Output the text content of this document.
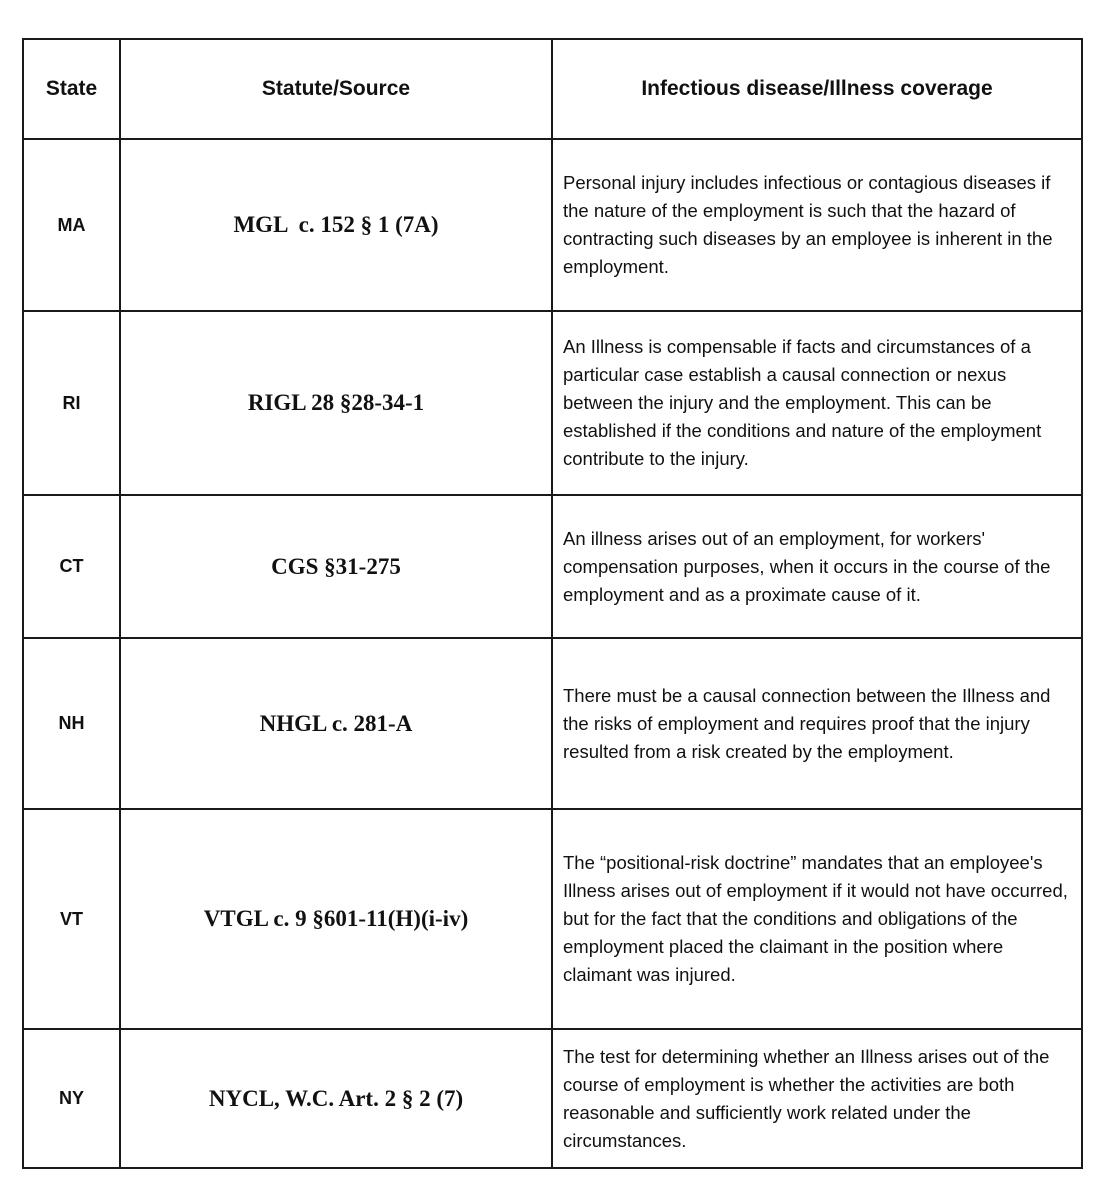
State	Statute/Source	Infectious disease/Illness coverage
MA	MGL  c. 152 § 1 (7A)	Personal injury includes infectious or contagious diseases if the nature of the employment is such that the hazard of contracting such diseases by an employee is inherent in the employment.
RI	RIGL 28 §28-34-1	An Illness is compensable if facts and circumstances of a particular case establish a causal connection or nexus between the injury and the employment. This can be established if the conditions and nature of the employment contribute to the injury.
CT	CGS §31-275	An illness arises out of an employment, for workers' compensation purposes, when it occurs in the course of the employment and as a proximate cause of it.
NH	NHGL c. 281-A	There must be a causal connection between the Illness and the risks of employment and requires proof that the injury resulted from a risk created by the employment.
VT	VTGL c. 9 §601-11(H)(i-iv)	The “positional-risk doctrine” mandates that an employee's Illness arises out of employment if it would not have occurred, but for the fact that the conditions and obligations of the employment placed the claimant in the position where claimant was injured.
NY	NYCL, W.C. Art. 2 § 2 (7)	The test for determining whether an Illness arises out of the course of employment is whether the activities are both reasonable and sufficiently work related under the circumstances.
